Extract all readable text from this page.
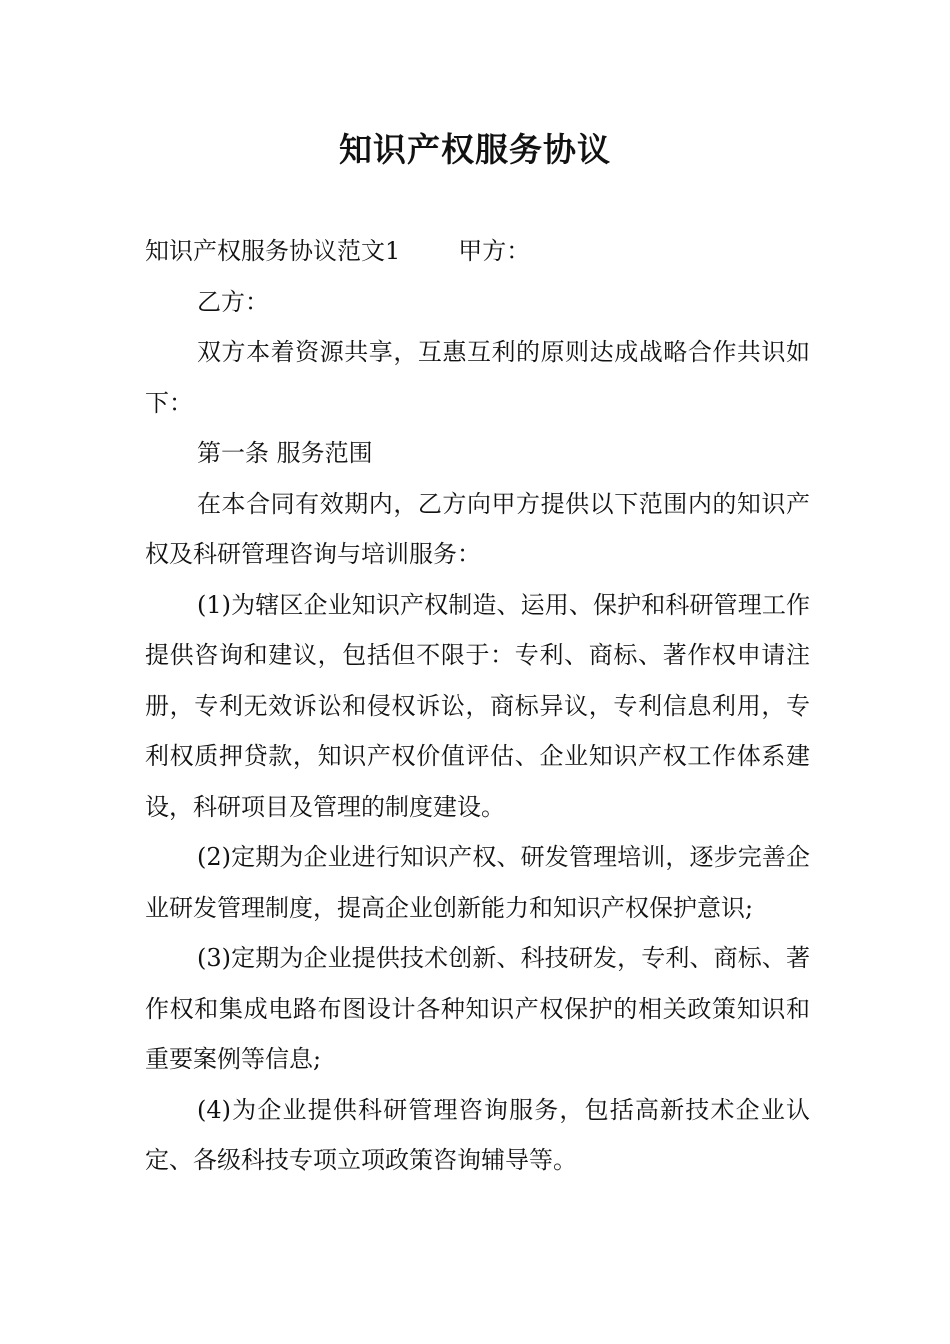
知识产权服务协议

知识产权服务协议范文1 甲方：

乙方：

双方本着资源共享，互惠互利的原则达成战略合作共识如下：

第一条 服务范围

在本合同有效期内，乙方向甲方提供以下范围内的知识产权及科研管理咨询与培训服务：

(1)为辖区企业知识产权制造、运用、保护和科研管理工作提供咨询和建议，包括但不限于：专利、商标、著作权申请注册，专利无效诉讼和侵权诉讼，商标异议，专利信息利用，专利权质押贷款，知识产权价值评估、企业知识产权工作体系建设，科研项目及管理的制度建设。

(2)定期为企业进行知识产权、研发管理培训，逐步完善企业研发管理制度，提高企业创新能力和知识产权保护意识;

(3)定期为企业提供技术创新、科技研发，专利、商标、著作权和集成电路布图设计各种知识产权保护的相关政策知识和重要案例等信息;

(4)为企业提供科研管理咨询服务，包括高新技术企业认定、各级科技专项立项政策咨询辅导等。
